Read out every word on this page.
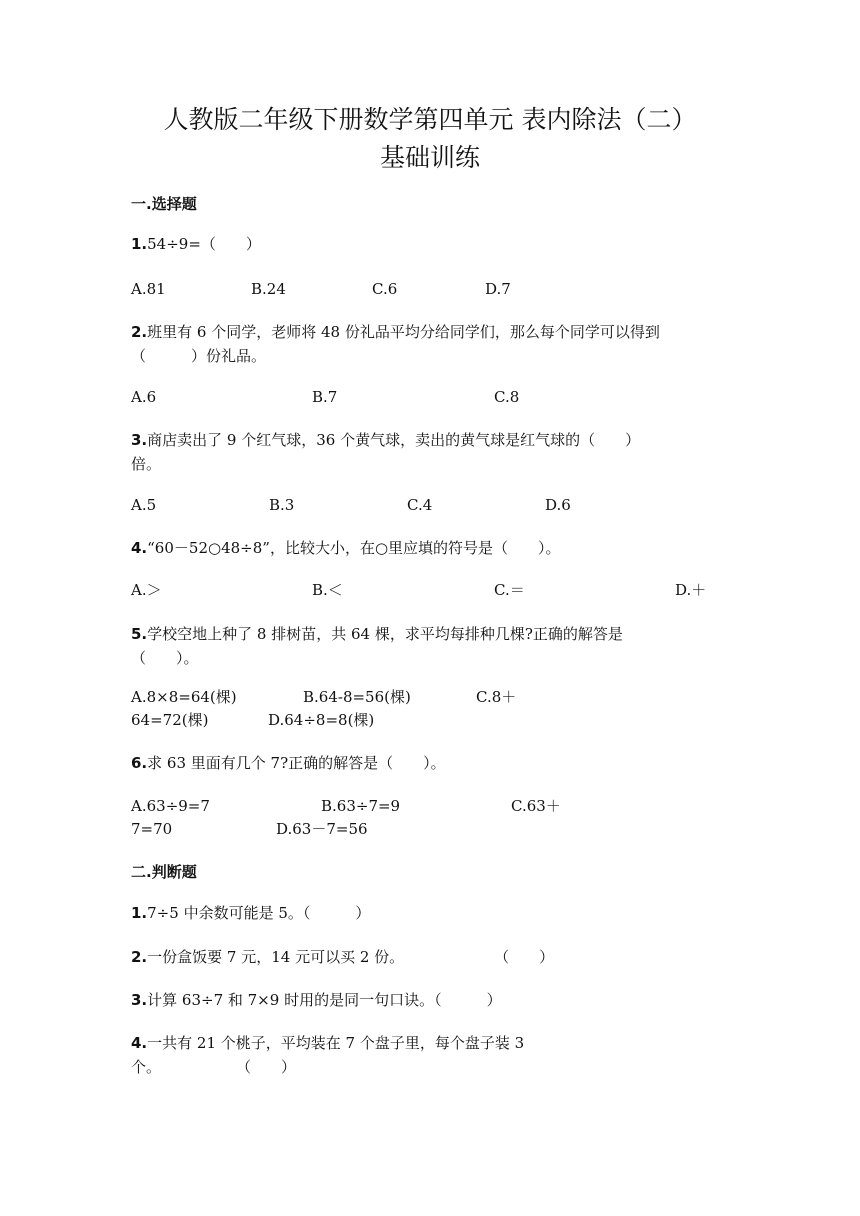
人教版二年级下册数学第四单元 表内除法（二）
基础训练
一.选择题
1.54÷9=（　　）
A.81	B.24	C.6	D.7
2.班里有 6 个同学，老师将 48 份礼品平均分给同学们，那么每个同学可以得到
（　　　）份礼品。
A.6	B.7	C.8
3.商店卖出了 9 个红气球，36 个黄气球，卖出的黄气球是红气球的（　　）
倍。
A.5	B.3	C.4	D.6
4.“60－52○48÷8”，比较大小，在○里应填的符号是（　　）。
A.＞	B.＜	C.＝	D.＋
5.学校空地上种了 8 排树苗，共 64 棵，求平均每排种几棵?正确的解答是
（　　）。
A.8×8=64(棵)	B.64-8=56(棵)	C.8＋
64=72(棵)	D.64÷8=8(棵)
6.求 63 里面有几个 7?正确的解答是（　　）。
A.63÷9=7	B.63÷7=9	C.63＋
7=70	D.63－7=56
二.判断题
1.7÷5 中余数可能是 5。（　　　）
2.一份盒饭要 7 元，14 元可以买 2 份。　　　　　　　（　　）
3.计算 63÷7 和 7×9 时用的是同一句口诀。（　　　）
4.一共有 21 个桃子，平均装在 7 个盘子里，每个盘子装 3
个。　　　　　　（　　）
